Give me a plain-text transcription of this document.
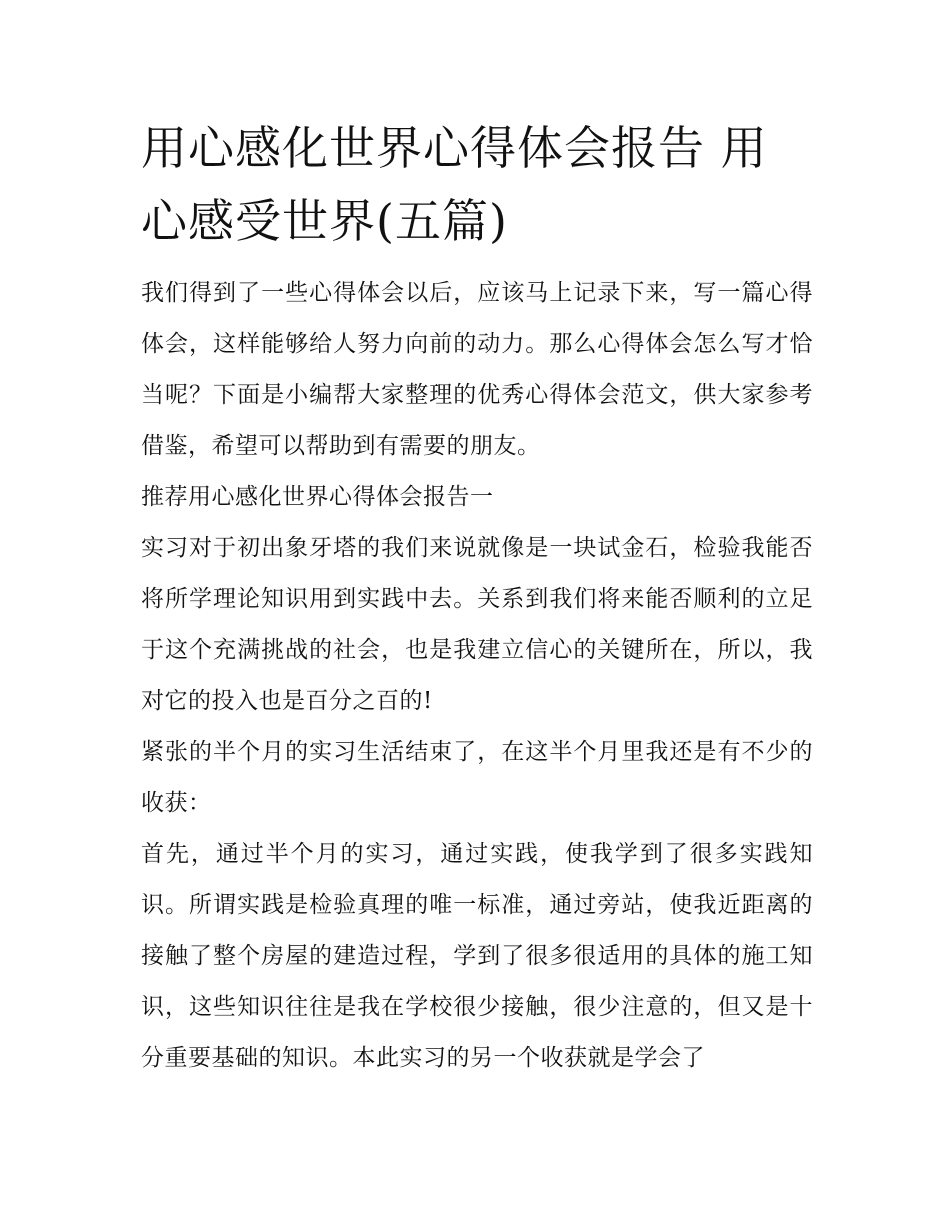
用心感化世界心得体会报告 用心感受世界(五篇)

我们得到了一些心得体会以后，应该马上记录下来，写一篇心得体会，这样能够给人努力向前的动力。那么心得体会怎么写才恰当呢？下面是小编帮大家整理的优秀心得体会范文，供大家参考借鉴，希望可以帮助到有需要的朋友。

推荐用心感化世界心得体会报告一

实习对于初出象牙塔的我们来说就像是一块试金石，检验我能否将所学理论知识用到实践中去。关系到我们将来能否顺利的立足于这个充满挑战的社会，也是我建立信心的关键所在，所以，我对它的投入也是百分之百的!

紧张的半个月的实习生活结束了，在这半个月里我还是有不少的收获：

首先，通过半个月的实习，通过实践，使我学到了很多实践知识。所谓实践是检验真理的唯一标准，通过旁站，使我近距离的接触了整个房屋的建造过程，学到了很多很适用的具体的施工知识，这些知识往往是我在学校很少接触，很少注意的，但又是十分重要基础的知识。本此实习的另一个收获就是学会了
